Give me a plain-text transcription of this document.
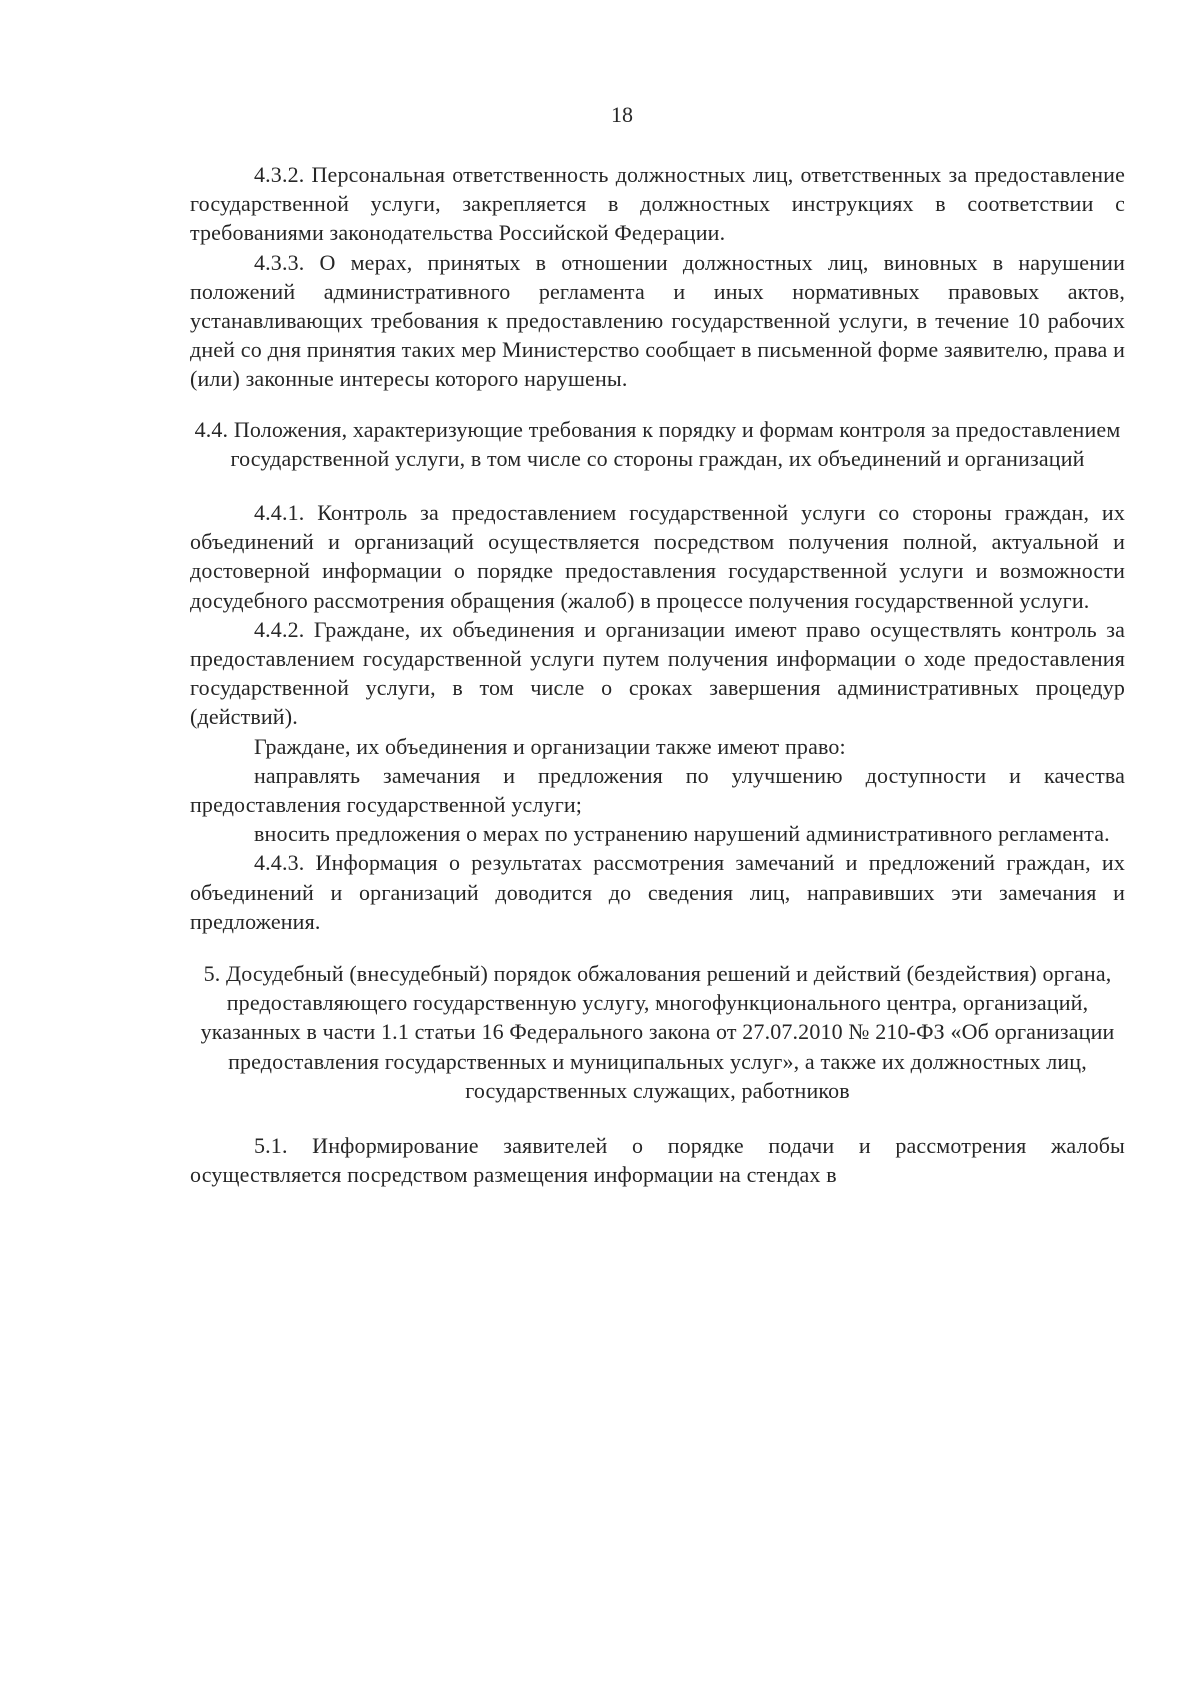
18

4.3.2. Персональная ответственность должностных лиц, ответственных за предоставление государственной услуги, закрепляется в должностных инструкциях в соответствии с требованиями законодательства Российской Федерации.

4.3.3. О мерах, принятых в отношении должностных лиц, виновных в нарушении положений административного регламента и иных нормативных правовых актов, устанавливающих требования к предоставлению государственной услуги, в течение 10 рабочих дней со дня принятия таких мер Министерство сообщает в письменной форме заявителю, права и (или) законные интересы которого нарушены.

4.4. Положения, характеризующие требования к порядку и формам контроля за предоставлением государственной услуги, в том числе со стороны граждан, их объединений и организаций

4.4.1. Контроль за предоставлением государственной услуги со стороны граждан, их объединений и организаций осуществляется посредством получения полной, актуальной и достоверной информации о порядке предоставления государственной услуги и возможности досудебного рассмотрения обращения (жалоб) в процессе получения государственной услуги.

4.4.2. Граждане, их объединения и организации имеют право осуществлять контроль за предоставлением государственной услуги путем получения информации о ходе предоставления государственной услуги, в том числе о сроках завершения административных процедур (действий).

Граждане, их объединения и организации также имеют право:

направлять замечания и предложения по улучшению доступности и качества предоставления государственной услуги;

вносить предложения о мерах по устранению нарушений административного регламента.

4.4.3. Информация о результатах рассмотрения замечаний и предложений граждан, их объединений и организаций доводится до сведения лиц, направивших эти замечания и предложения.

5. Досудебный (внесудебный) порядок обжалования решений и действий (бездействия) органа, предоставляющего государственную услугу, многофункционального центра, организаций, указанных в части 1.1 статьи 16 Федерального закона от 27.07.2010 № 210-ФЗ «Об организации предоставления государственных и муниципальных услуг», а также их должностных лиц, государственных служащих, работников

5.1. Информирование заявителей о порядке подачи и рассмотрения жалобы осуществляется посредством размещения информации на стендах в
